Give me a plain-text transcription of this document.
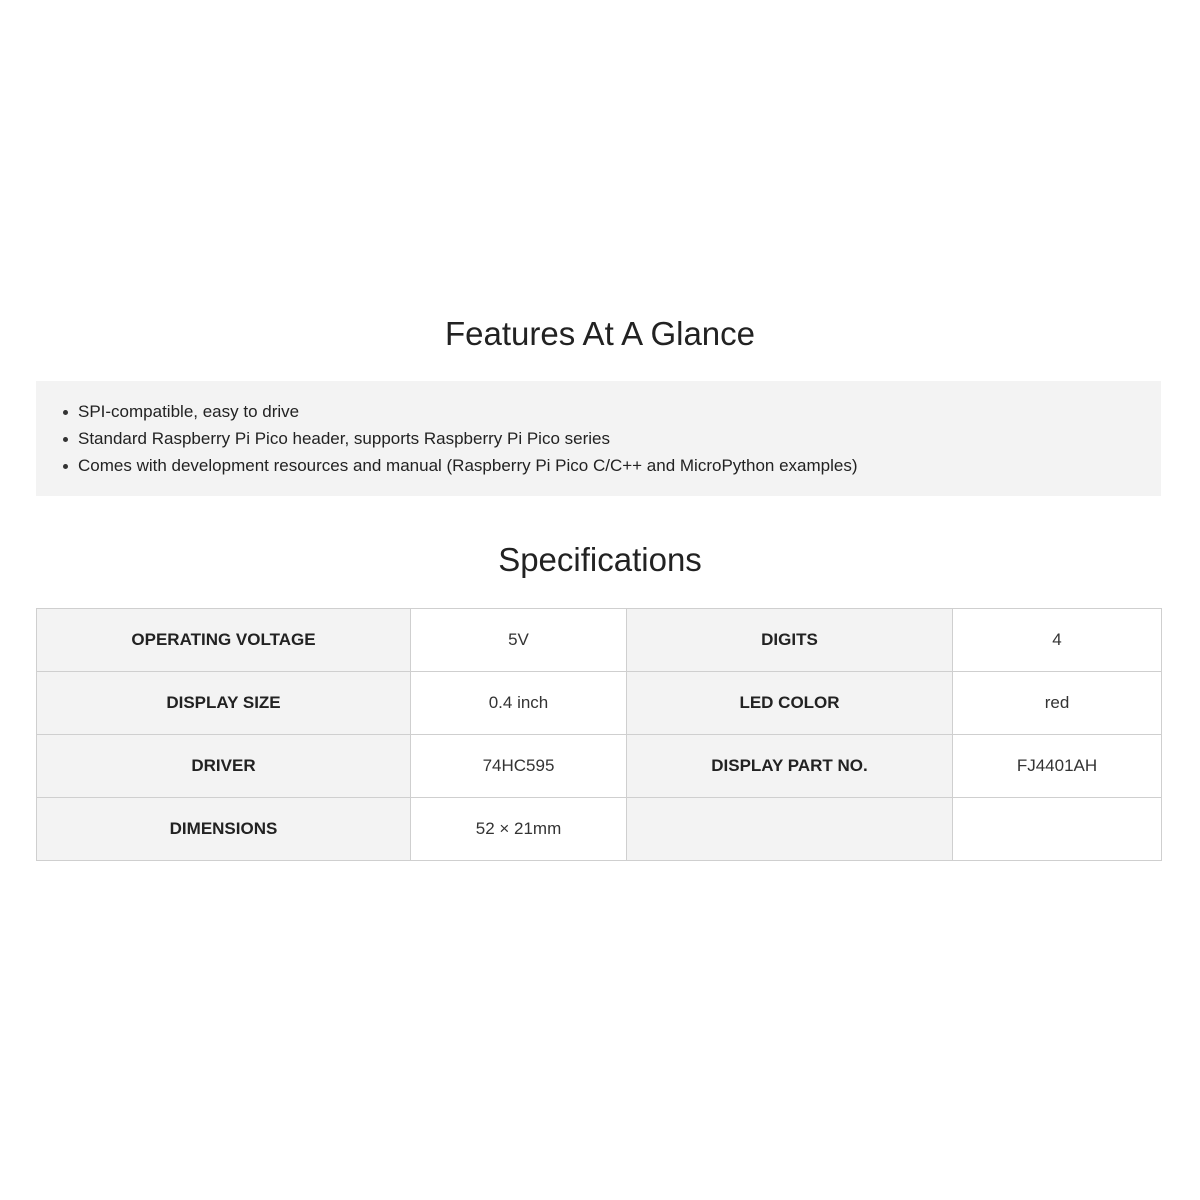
Features At A Glance
SPI-compatible, easy to drive
Standard Raspberry Pi Pico header, supports Raspberry Pi Pico series
Comes with development resources and manual (Raspberry Pi Pico C/C++ and MicroPython examples)
Specifications
OPERATING VOLTAGE	5V	DIGITS	4
DISPLAY SIZE	0.4 inch	LED COLOR	red
DRIVER	74HC595	DISPLAY PART NO.	FJ4401AH
DIMENSIONS	52 × 21mm		
